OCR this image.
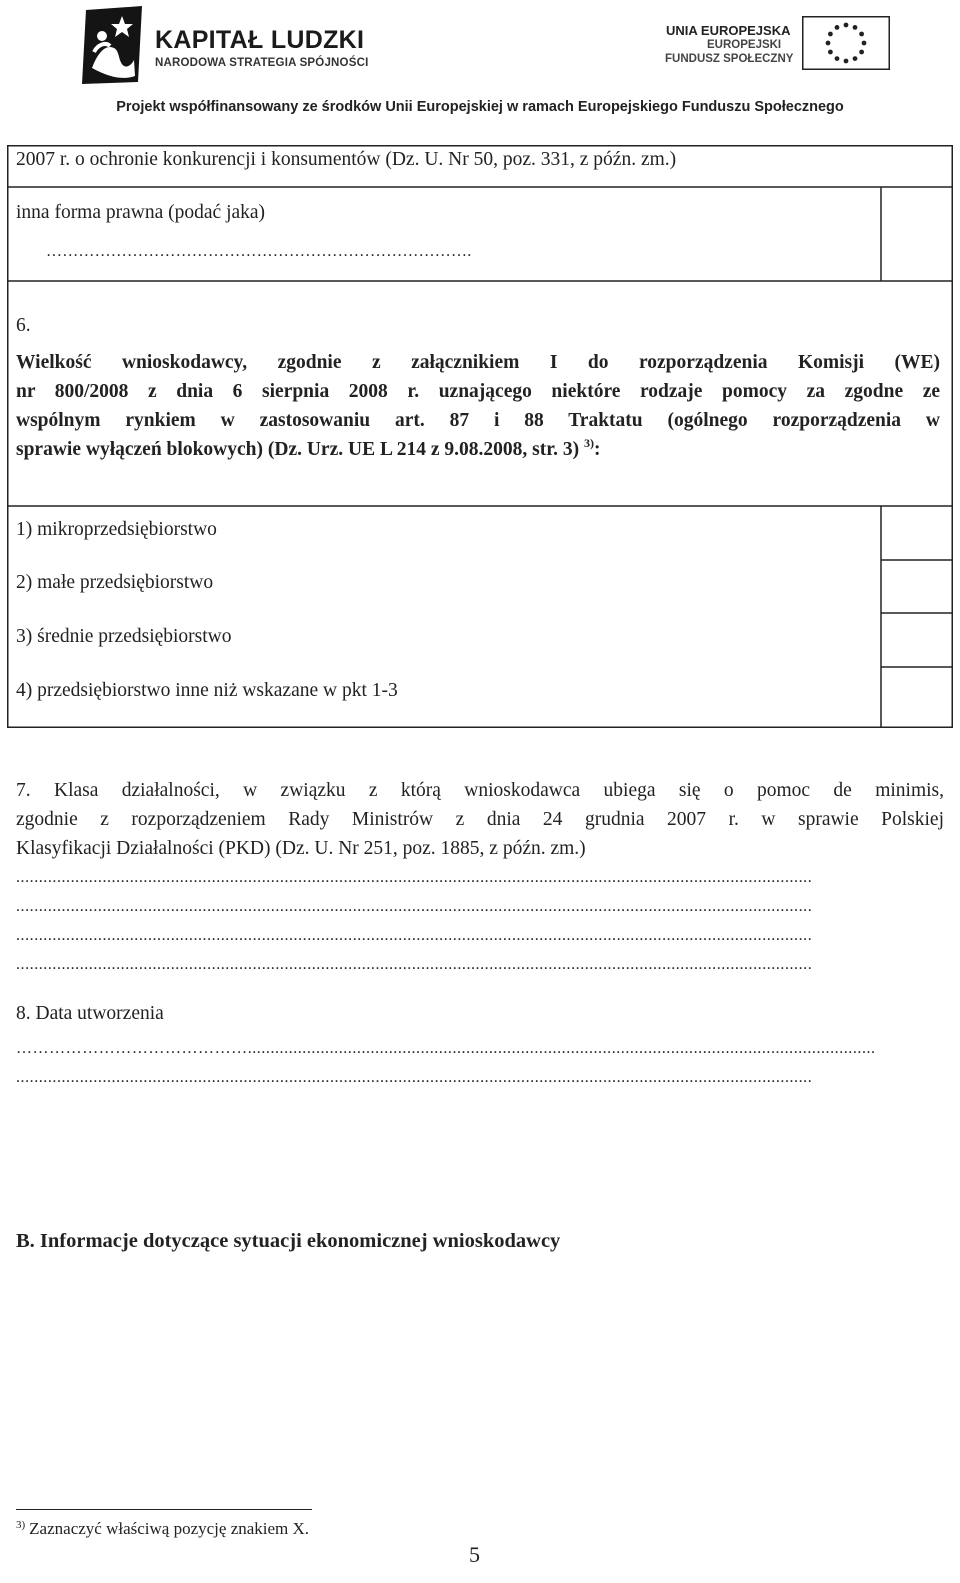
KAPITAŁ LUDZKI
NARODOWA STRATEGIA SPÓJNOŚCI
UNIA EUROPEJSKA
EUROPEJSKI
FUNDUSZ SPOŁECZNY
Projekt współfinansowany ze środków Unii Europejskiej w ramach Europejskiego Funduszu Społecznego
2007 r. o ochronie konkurencji i konsumentów (Dz. U. Nr 50, poz. 331, z późn. zm.)
inna forma prawna (podać jaka)
…………………………………………………………………….
6.
Wielkość wnioskodawcy, zgodnie z załącznikiem I do rozporządzenia Komisji (WE)
nr 800/2008 z dnia 6 sierpnia 2008 r. uznającego niektóre rodzaje pomocy za zgodne ze
wspólnym rynkiem w zastosowaniu art. 87 i 88 Traktatu (ogólnego rozporządzenia w
sprawie wyłączeń blokowych) (Dz. Urz. UE L 214 z 9.08.2008, str. 3) $^{3)}$:
1) mikroprzedsiębiorstwo
2) małe przedsiębiorstwo
3) średnie przedsiębiorstwo
4) przedsiębiorstwo inne niż wskazane w pkt 1-3
7. Klasa działalności, w związku z którą wnioskodawca ubiega się o pomoc de minimis,
zgodnie z rozporządzeniem Rady Ministrów z dnia 24 grudnia 2007 r. w sprawie Polskiej
Klasyfikacji Działalności (PKD) (Dz. U. Nr 251, poz. 1885, z późn. zm.)
...............................................................................................................................................................................
...............................................................................................................................................................................
...............................................................................................................................................................................
...............................................................................................................................................................................
8. Data utworzenia
……………………………………..........................................................................................................................................
...............................................................................................................................................................................
B. Informacje dotyczące sytuacji ekonomicznej wnioskodawcy
$^{3)}$ Zaznaczyć właściwą pozycję znakiem X.
5
